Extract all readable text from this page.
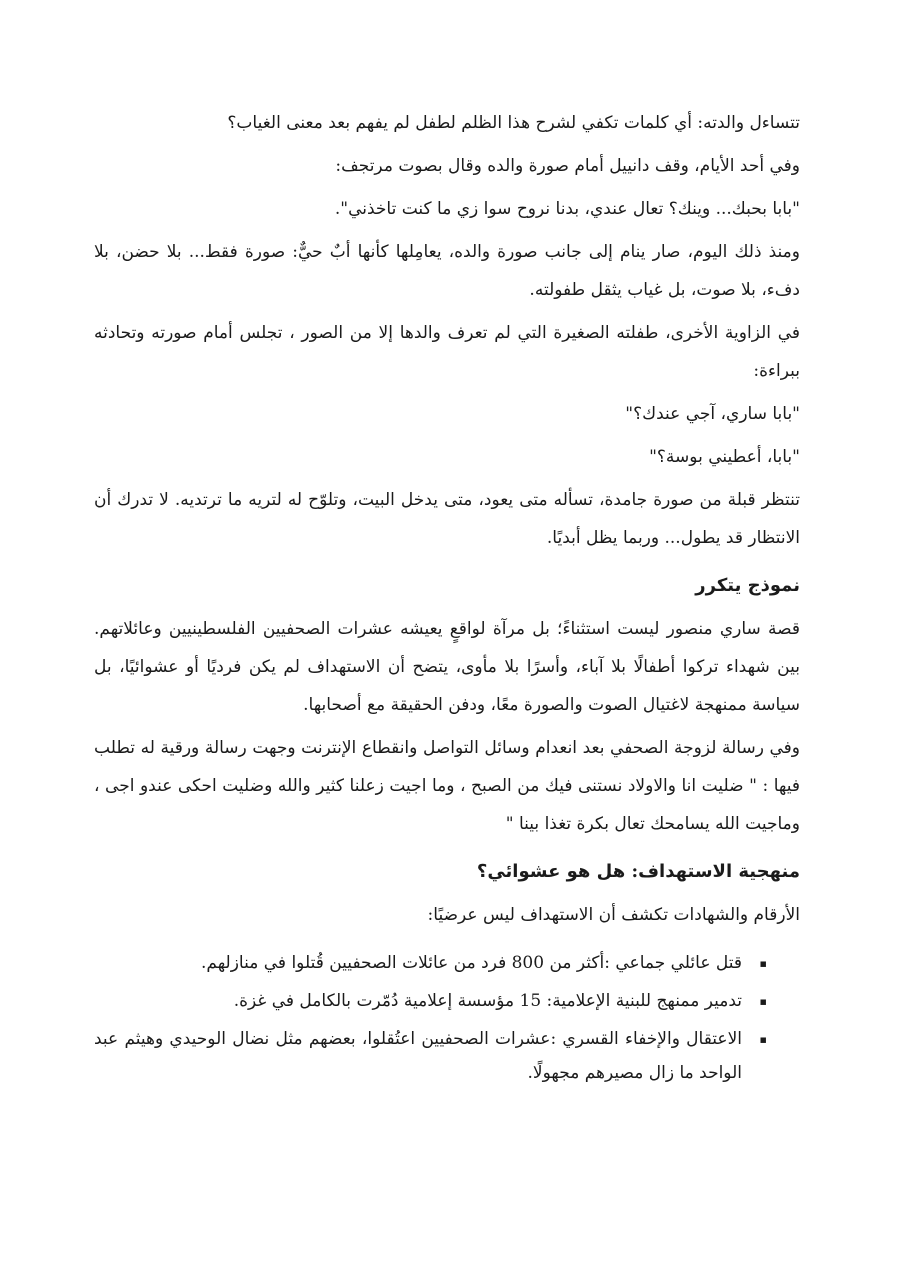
تتساءل والدته: أي كلمات تكفي لشرح هذا الظلم لطفل لم يفهم بعد معنى الغياب؟

وفي أحد الأيام، وقف دانييل أمام صورة والده وقال بصوت مرتجف:

"بابا بحبك... وينك؟ تعال عندي، بدنا نروح سوا زي ما كنت تاخذني".

ومنذ ذلك اليوم، صار ينام إلى جانب صورة والده، يعامِلها كأنها أبٌ حيٌّ: صورة فقط... بلا حضن، بلا دفء، بلا صوت، بل غياب يثقل طفولته.

في الزاوية الأخرى، طفلته الصغيرة التي لم تعرف والدها إلا من الصور ، تجلس أمام صورته وتحادثه ببراءة:

"بابا ساري، آجي عندك؟"

"بابا، أعطيني بوسة؟"

تنتظر قبلة من صورة جامدة، تسأله متى يعود، متى يدخل البيت، وتلوّح له لتريه ما ترتديه. لا تدرك أن الانتظار قد يطول... وربما يظل أبديًا.

نموذج يتكرر

قصة ساري منصور ليست استثناءً؛ بل مرآة لواقعٍ يعيشه عشرات الصحفيين الفلسطينيين وعائلاتهم. بين شهداء تركوا أطفالًا بلا آباء، وأسرًا بلا مأوى، يتضح أن الاستهداف لم يكن فرديًا أو عشوائيًا، بل سياسة ممنهجة لاغتيال الصوت والصورة معًا، ودفن الحقيقة مع أصحابها.

وفي رسالة لزوجة الصحفي بعد انعدام وسائل التواصل وانقطاع الإنترنت وجهت رسالة ورقية له تطلب فيها : " ضليت انا والاولاد نستنى فيك من الصبح ، وما اجيت زعلنا كثير والله وضليت احكى عندو اجى ، وماجيت الله يسامحك تعال بكرة تغذا بينا "

منهجية الاستهداف: هل هو عشوائي؟

الأرقام والشهادات تكشف أن الاستهداف ليس عرضيًا:

▪
قتل عائلي جماعي :أكثر من 800 فرد من عائلات الصحفيين قُتلوا في منازلهم.
▪
تدمير ممنهج للبنية الإعلامية: 15 مؤسسة إعلامية دُمّرت بالكامل في غزة.
▪
الاعتقال والإخفاء القسري :عشرات الصحفيين اعتُقلوا، بعضهم مثل نضال الوحيدي وهيثم عبد الواحد ما زال مصيرهم مجهولًا.
